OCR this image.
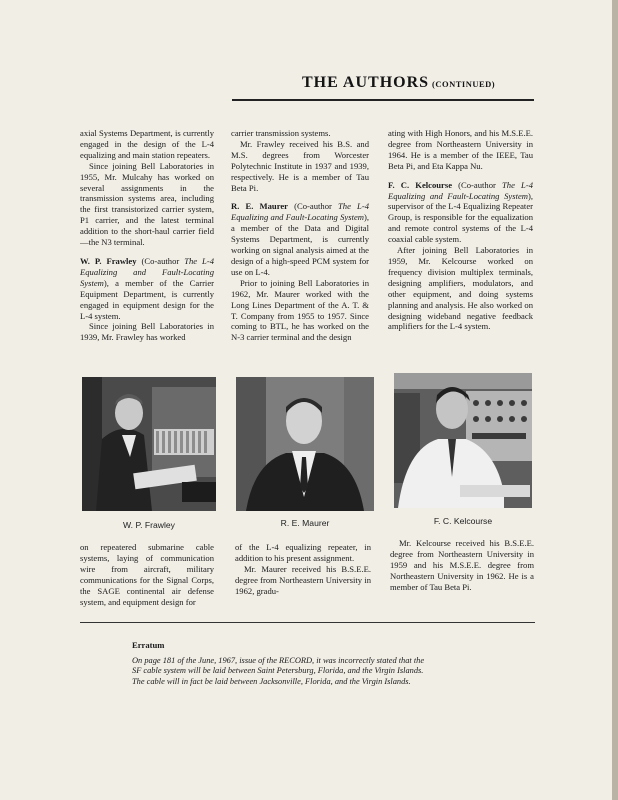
THE AUTHORS (CONTINUED)

axial Systems Department, is currently engaged in the design of the L-4 equalizing and main station repeaters.

Since joining Bell Laboratories in 1955, Mr. Mulcahy has worked on several assignments in the transmission systems area, including the first transistorized carrier system, P1 carrier, and the latest terminal addition to the short-haul carrier field—the N3 terminal.

W. P. Frawley (Co-author The L-4 Equalizing and Fault-Locating System), a member of the Carrier Equipment Department, is currently engaged in equipment design for the L-4 system.

Since joining Bell Laboratories in 1939, Mr. Frawley has worked

carrier transmission systems.

Mr. Frawley received his B.S. and M.S. degrees from Worcester Polytechnic Institute in 1937 and 1939, respectively. He is a member of Tau Beta Pi.

R. E. Maurer (Co-author The L-4 Equalizing and Fault-Locating System), a member of the Data and Digital Systems Department, is currently working on signal analysis aimed at the design of a high-speed PCM system for use on L-4.

Prior to joining Bell Laboratories in 1962, Mr. Maurer worked with the Long Lines Department of the A. T. & T. Company from 1955 to 1957. Since coming to BTL, he has worked on the N-3 carrier terminal and the design

ating with High Honors, and his M.S.E.E. degree from Northeastern University in 1964. He is a member of the IEEE, Tau Beta Pi, and Eta Kappa Nu.

F. C. Kelcourse (Co-author The L-4 Equalizing and Fault-Locating System), supervisor of the L-4 Equalizing Repeater Group, is responsible for the equalization and remote control systems of the L-4 coaxial cable system.

After joining Bell Laboratories in 1959, Mr. Kelcourse worked on frequency division multiplex terminals, designing amplifiers, modulators, and other equipment, and doing systems planning and analysis. He also worked on designing wideband negative feedback amplifiers for the L-4 system.

W. P. Frawley	R. E. Maurer	F. C. Kelcourse

on repeatered submarine cable systems, laying of communication wire from aircraft, military communications for the Signal Corps, the SAGE continental air defense system, and equipment design for

of the L-4 equalizing repeater, in addition to his present assignment.

Mr. Maurer received his B.S.E.E. degree from Northeastern University in 1962, gradu-

Mr. Kelcourse received his B.S.E.E. degree from Northeastern University in 1959 and his M.S.E.E. degree from Northeastern University in 1962. He is a member of Tau Beta Pi.

Erratum

On page 181 of the June, 1967, issue of the RECORD, it was incorrectly stated that the
SF cable system will be laid between Saint Petersburg, Florida, and the Virgin Islands.
The cable will in fact be laid between Jacksonville, Florida, and the Virgin Islands.
